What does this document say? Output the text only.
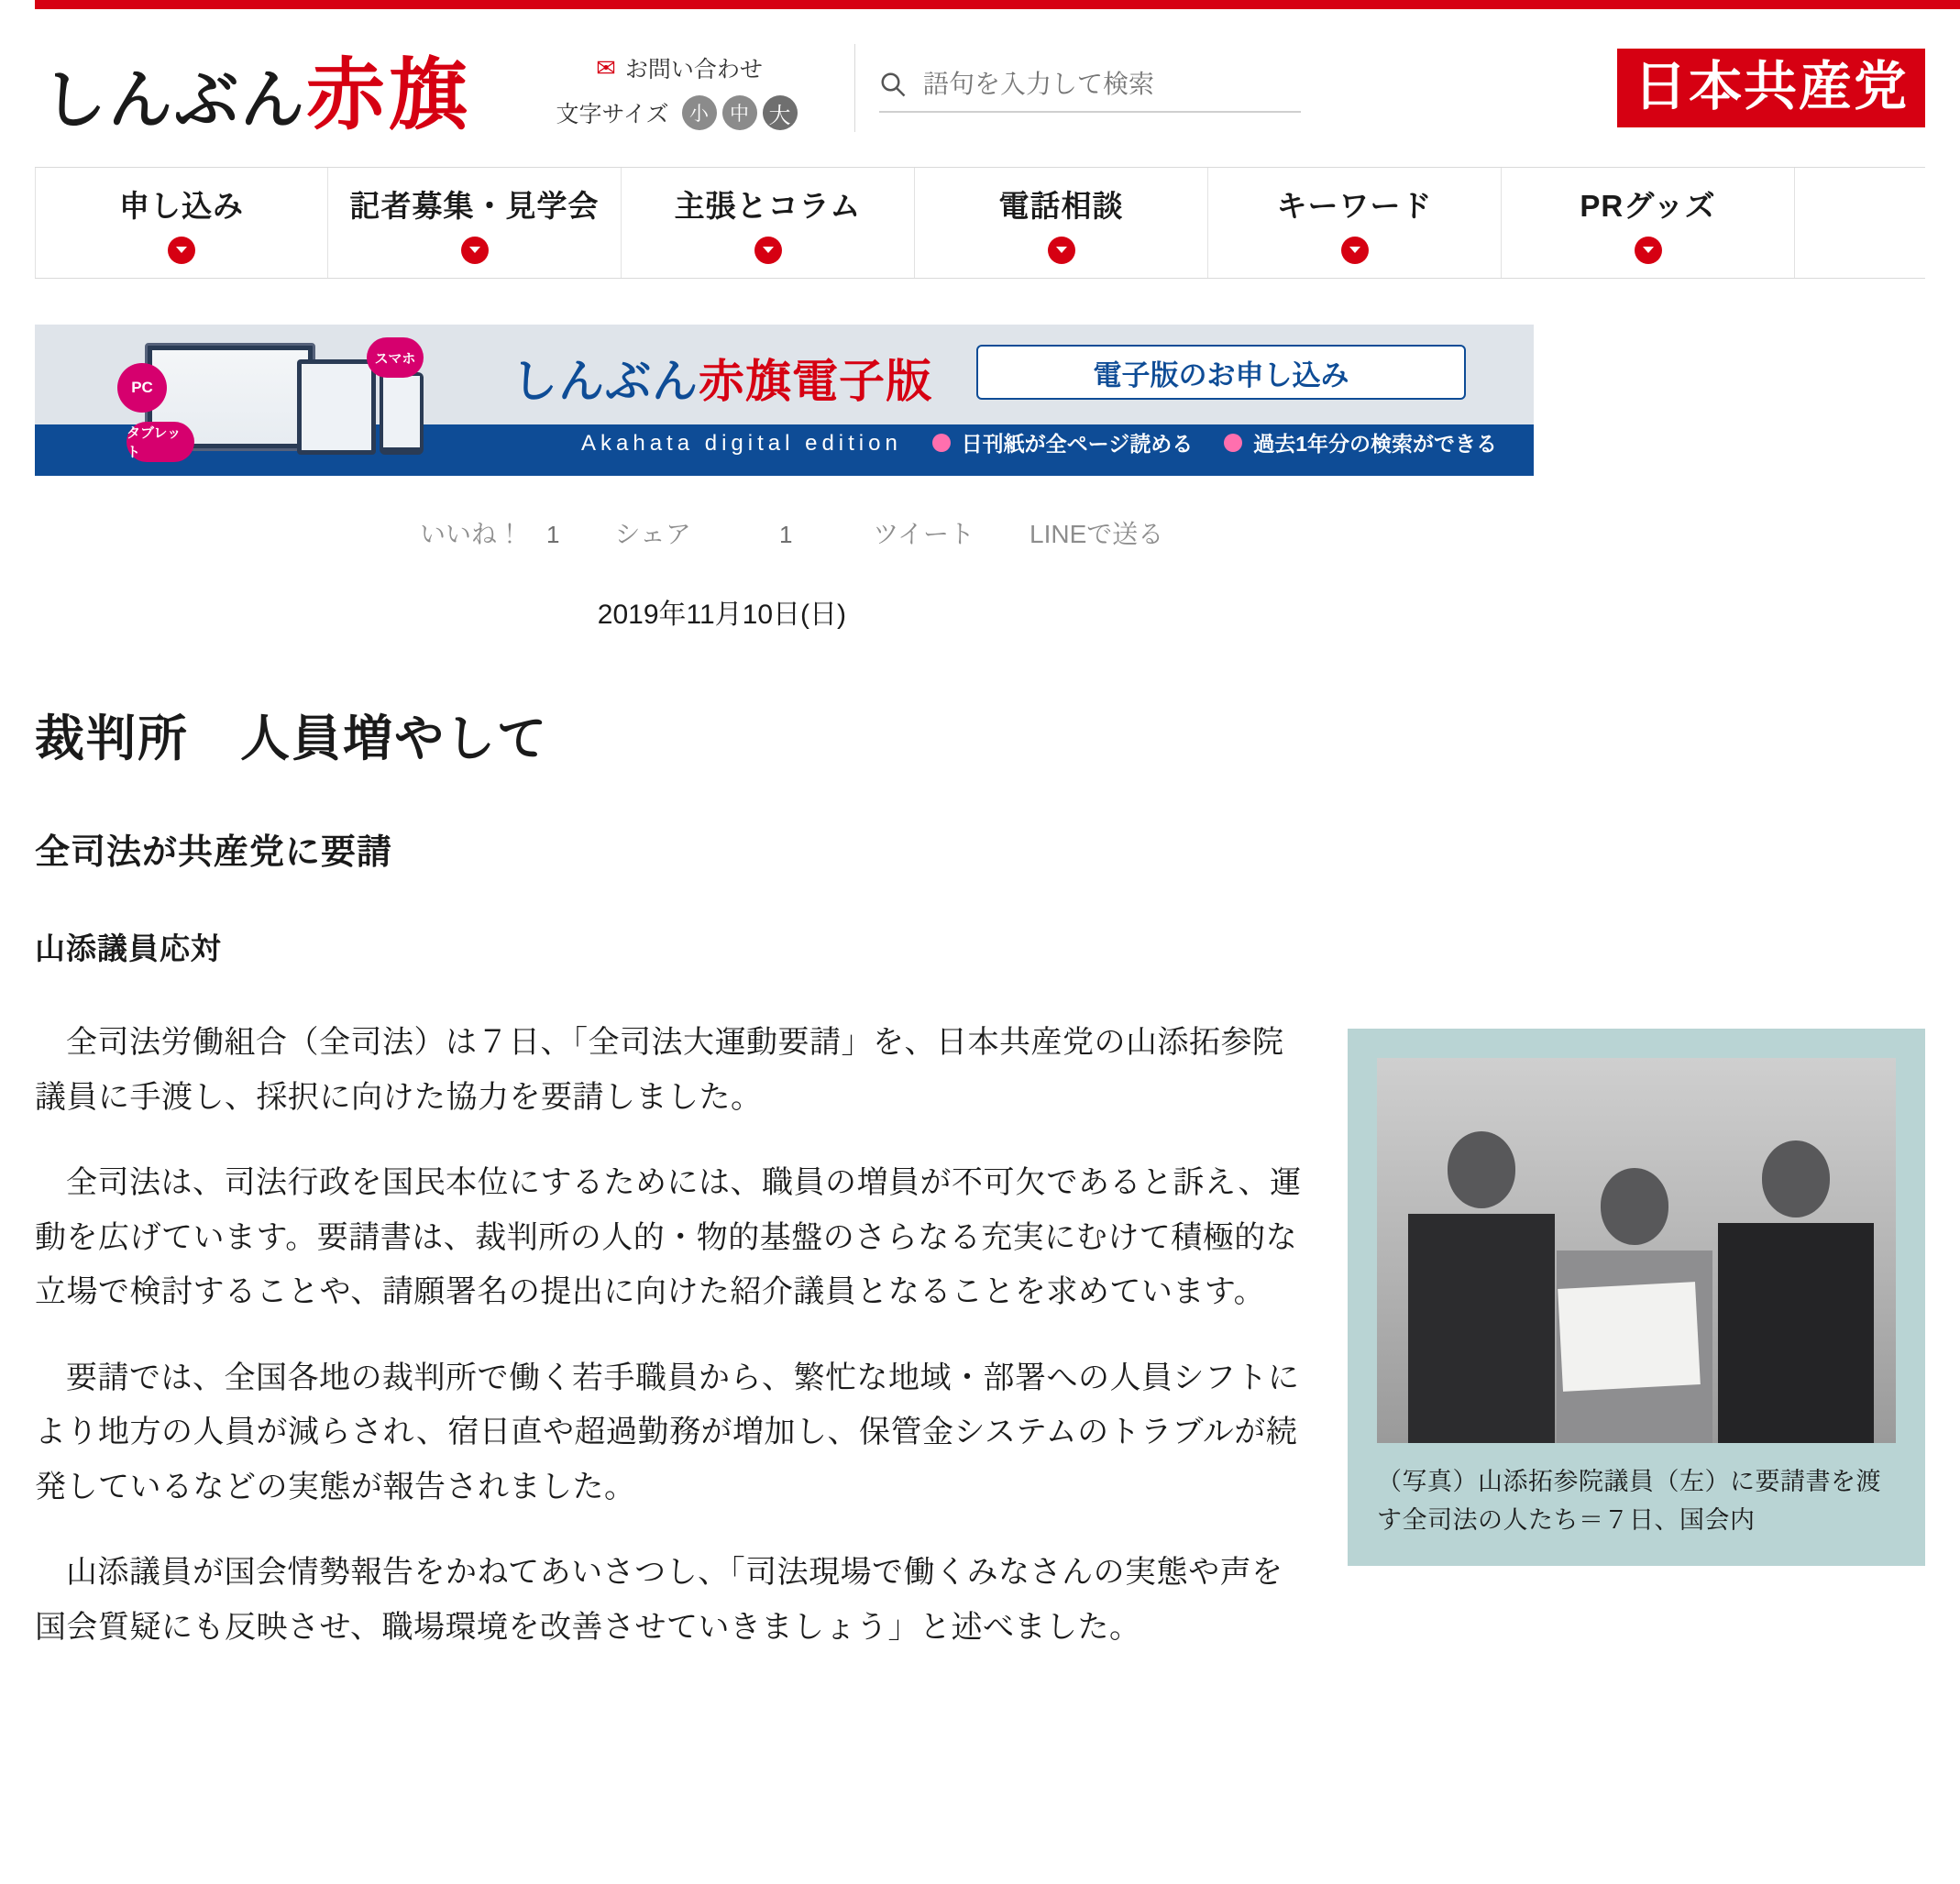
しんぶん赤旗	✉ お問い合わせ
文字サイズ	小	中 大
語句を入力して検索	日本共産党
申し込み	記者募集・見学会 主張とコラム	電話相談	キーワード	PRグッズ
PC
タブレット
スマホ しんぶん赤旗電子版
Akahata digital edition
電子版のお申し込み
日刊紙が全ページ読める	過去1年分の検索ができる
いいね！ 1 シェア	1	ツイート LINEで送る
2019年11月10日(日)
裁判所　人員増やして
全司法が共産党に要請
山添議員応対
（写真）山添拓参院議員（左）に要請書を渡す全司法の人たち＝７日、国会内

全司法労働組合（全司法）は７日、「全司法大運動要請」を、日本共産党の山添拓参院議員に手渡し、採択に向けた協力を要請しました。

全司法は、司法行政を国民本位にするためには、職員の増員が不可欠であると訴え、運動を広げています。要請書は、裁判所の人的・物的基盤のさらなる充実にむけて積極的な立場で検討することや、請願署名の提出に向けた紹介議員となることを求めています。

要請では、全国各地の裁判所で働く若手職員から、繁忙な地域・部署への人員シフトにより地方の人員が減らされ、宿日直や超過勤務が増加し、保管金システムのトラブルが続発しているなどの実態が報告されました。

山添議員が国会情勢報告をかねてあいさつし、「司法現場で働くみなさんの実態や声を国会質疑にも反映させ、職場環境を改善させていきましょう」と述べました。
